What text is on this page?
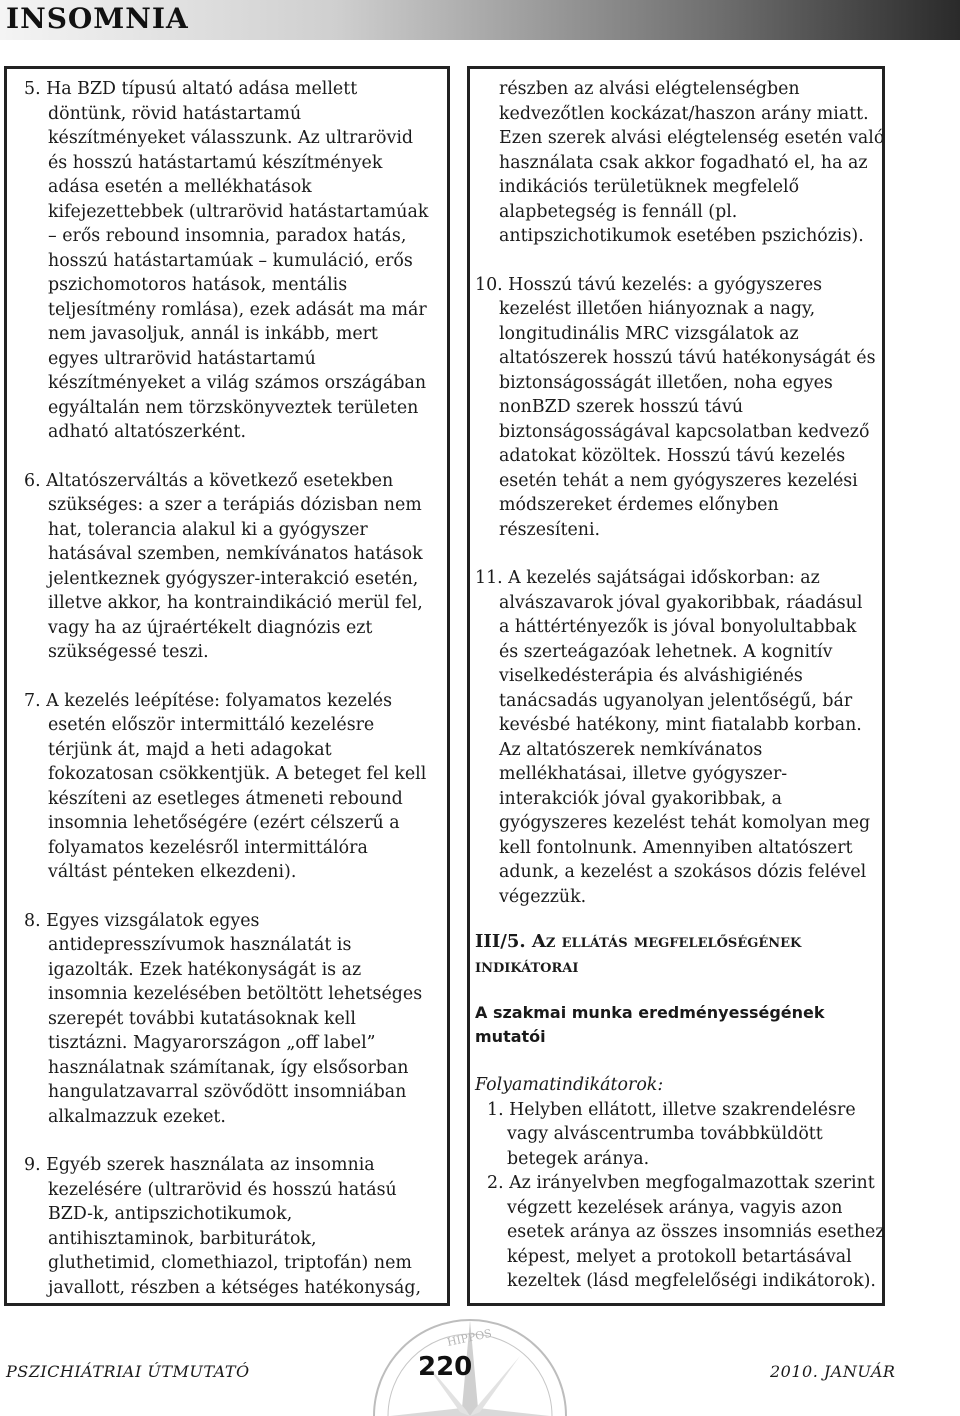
INSOMNIA
5. Ha BZD típusú altató adása mellett
döntünk, rövid hatástartamú
készítményeket válasszunk. Az ultrarövid
és hosszú hatástartamú készítmények
adása esetén a mellékhatások
kifejezettebbek (ultrarövid hatástartamúak
– erős rebound insomnia, paradox hatás,
hosszú hatástartamúak – kumuláció, erős
pszichomotoros hatások, mentális
teljesítmény romlása), ezek adását ma már
nem javasoljuk, annál is inkább, mert
egyes ultrarövid hatástartamú
készítményeket a világ számos országában
egyáltalán nem törzskönyveztek területen
adható altatószerként.
6. Altatószerváltás a következő esetekben
szükséges: a szer a terápiás dózisban nem
hat, tolerancia alakul ki a gyógyszer
hatásával szemben, nemkívánatos hatások
jelentkeznek gyógyszer-interakció esetén,
illetve akkor, ha kontraindikáció merül fel,
vagy ha az újraértékelt diagnózis ezt
szükségessé teszi.
7. A kezelés leépítése: folyamatos kezelés
esetén először intermittáló kezelésre
térjünk át, majd a heti adagokat
fokozatosan csökkentjük. A beteget fel kell
készíteni az esetleges átmeneti rebound
insomnia lehetőségére (ezért célszerű a
folyamatos kezelésről intermittálóra
váltást pénteken elkezdeni).
8. Egyes vizsgálatok egyes
antidepresszívumok használatát is
igazolták. Ezek hatékonyságát is az
insomnia kezelésében betöltött lehetséges
szerepét további kutatásoknak kell
tisztázni. Magyarországon „off label”
használatnak számítanak, így elsősorban
hangulatzavarral szövődött insomniában
alkalmazzuk ezeket.
9. Egyéb szerek használata az insomnia
kezelésére (ultrarövid és hosszú hatású
BZD-k, antipszichotikumok,
antihisztaminok, barbiturátok,
gluthetimid, clomethiazol, triptofán) nem
javallott, részben a kétséges hatékonyság,
részben az alvási elégtelenségben
kedvezőtlen kockázat/haszon arány miatt.
Ezen szerek alvási elégtelenség esetén való
használata csak akkor fogadható el, ha az
indikációs területüknek megfelelő
alapbetegség is fennáll (pl.
antipszichotikumok esetében pszichózis).
10. Hosszú távú kezelés: a gyógyszeres
kezelést illetően hiányoznak a nagy,
longitudinális MRC vizsgálatok az
altatószerek hosszú távú hatékonyságát és
biztonságosságát illetően, noha egyes
nonBZD szerek hosszú távú
biztonságosságával kapcsolatban kedvező
adatokat közöltek. Hosszú távú kezelés
esetén tehát a nem gyógyszeres kezelési
módszereket érdemes előnyben
részesíteni.
11. A kezelés sajátságai időskorban: az
alvászavarok jóval gyakoribbak, ráadásul
a háttértényezők is jóval bonyolultabbak
és szerteágazóak lehetnek. A kognitív
viselkedésterápia és alváshigiénés
tanácsadás ugyanolyan jelentőségű, bár
kevésbé hatékony, mint fiatalabb korban.
Az altatószerek nemkívánatos
mellékhatásai, illetve gyógyszer-
interakciók jóval gyakoribbak, a
gyógyszeres kezelést tehát komolyan meg
kell fontolnunk. Amennyiben altatószert
adunk, a kezelést a szokásos dózis felével
végezzük.
III/5. Az ellátás megfelelőségének
indikátorai
A szakmai munka eredményességének
mutatói
Folyamatindikátorok:
1. Helyben ellátott, illetve szakrendelésre
vagy alváscentrumba továbbküldött
betegek aránya.
2. Az irányelvben megfogalmazottak szerint
végzett kezelések aránya, vagyis azon
esetek aránya az összes insomniás esethez
képest, melyet a protokoll betartásával
kezeltek (lásd megfelelőségi indikátorok).
HIPPOS
PSZICHIÁTRIAI ÚTMUTATÓ	220	2010. JANUÁR
